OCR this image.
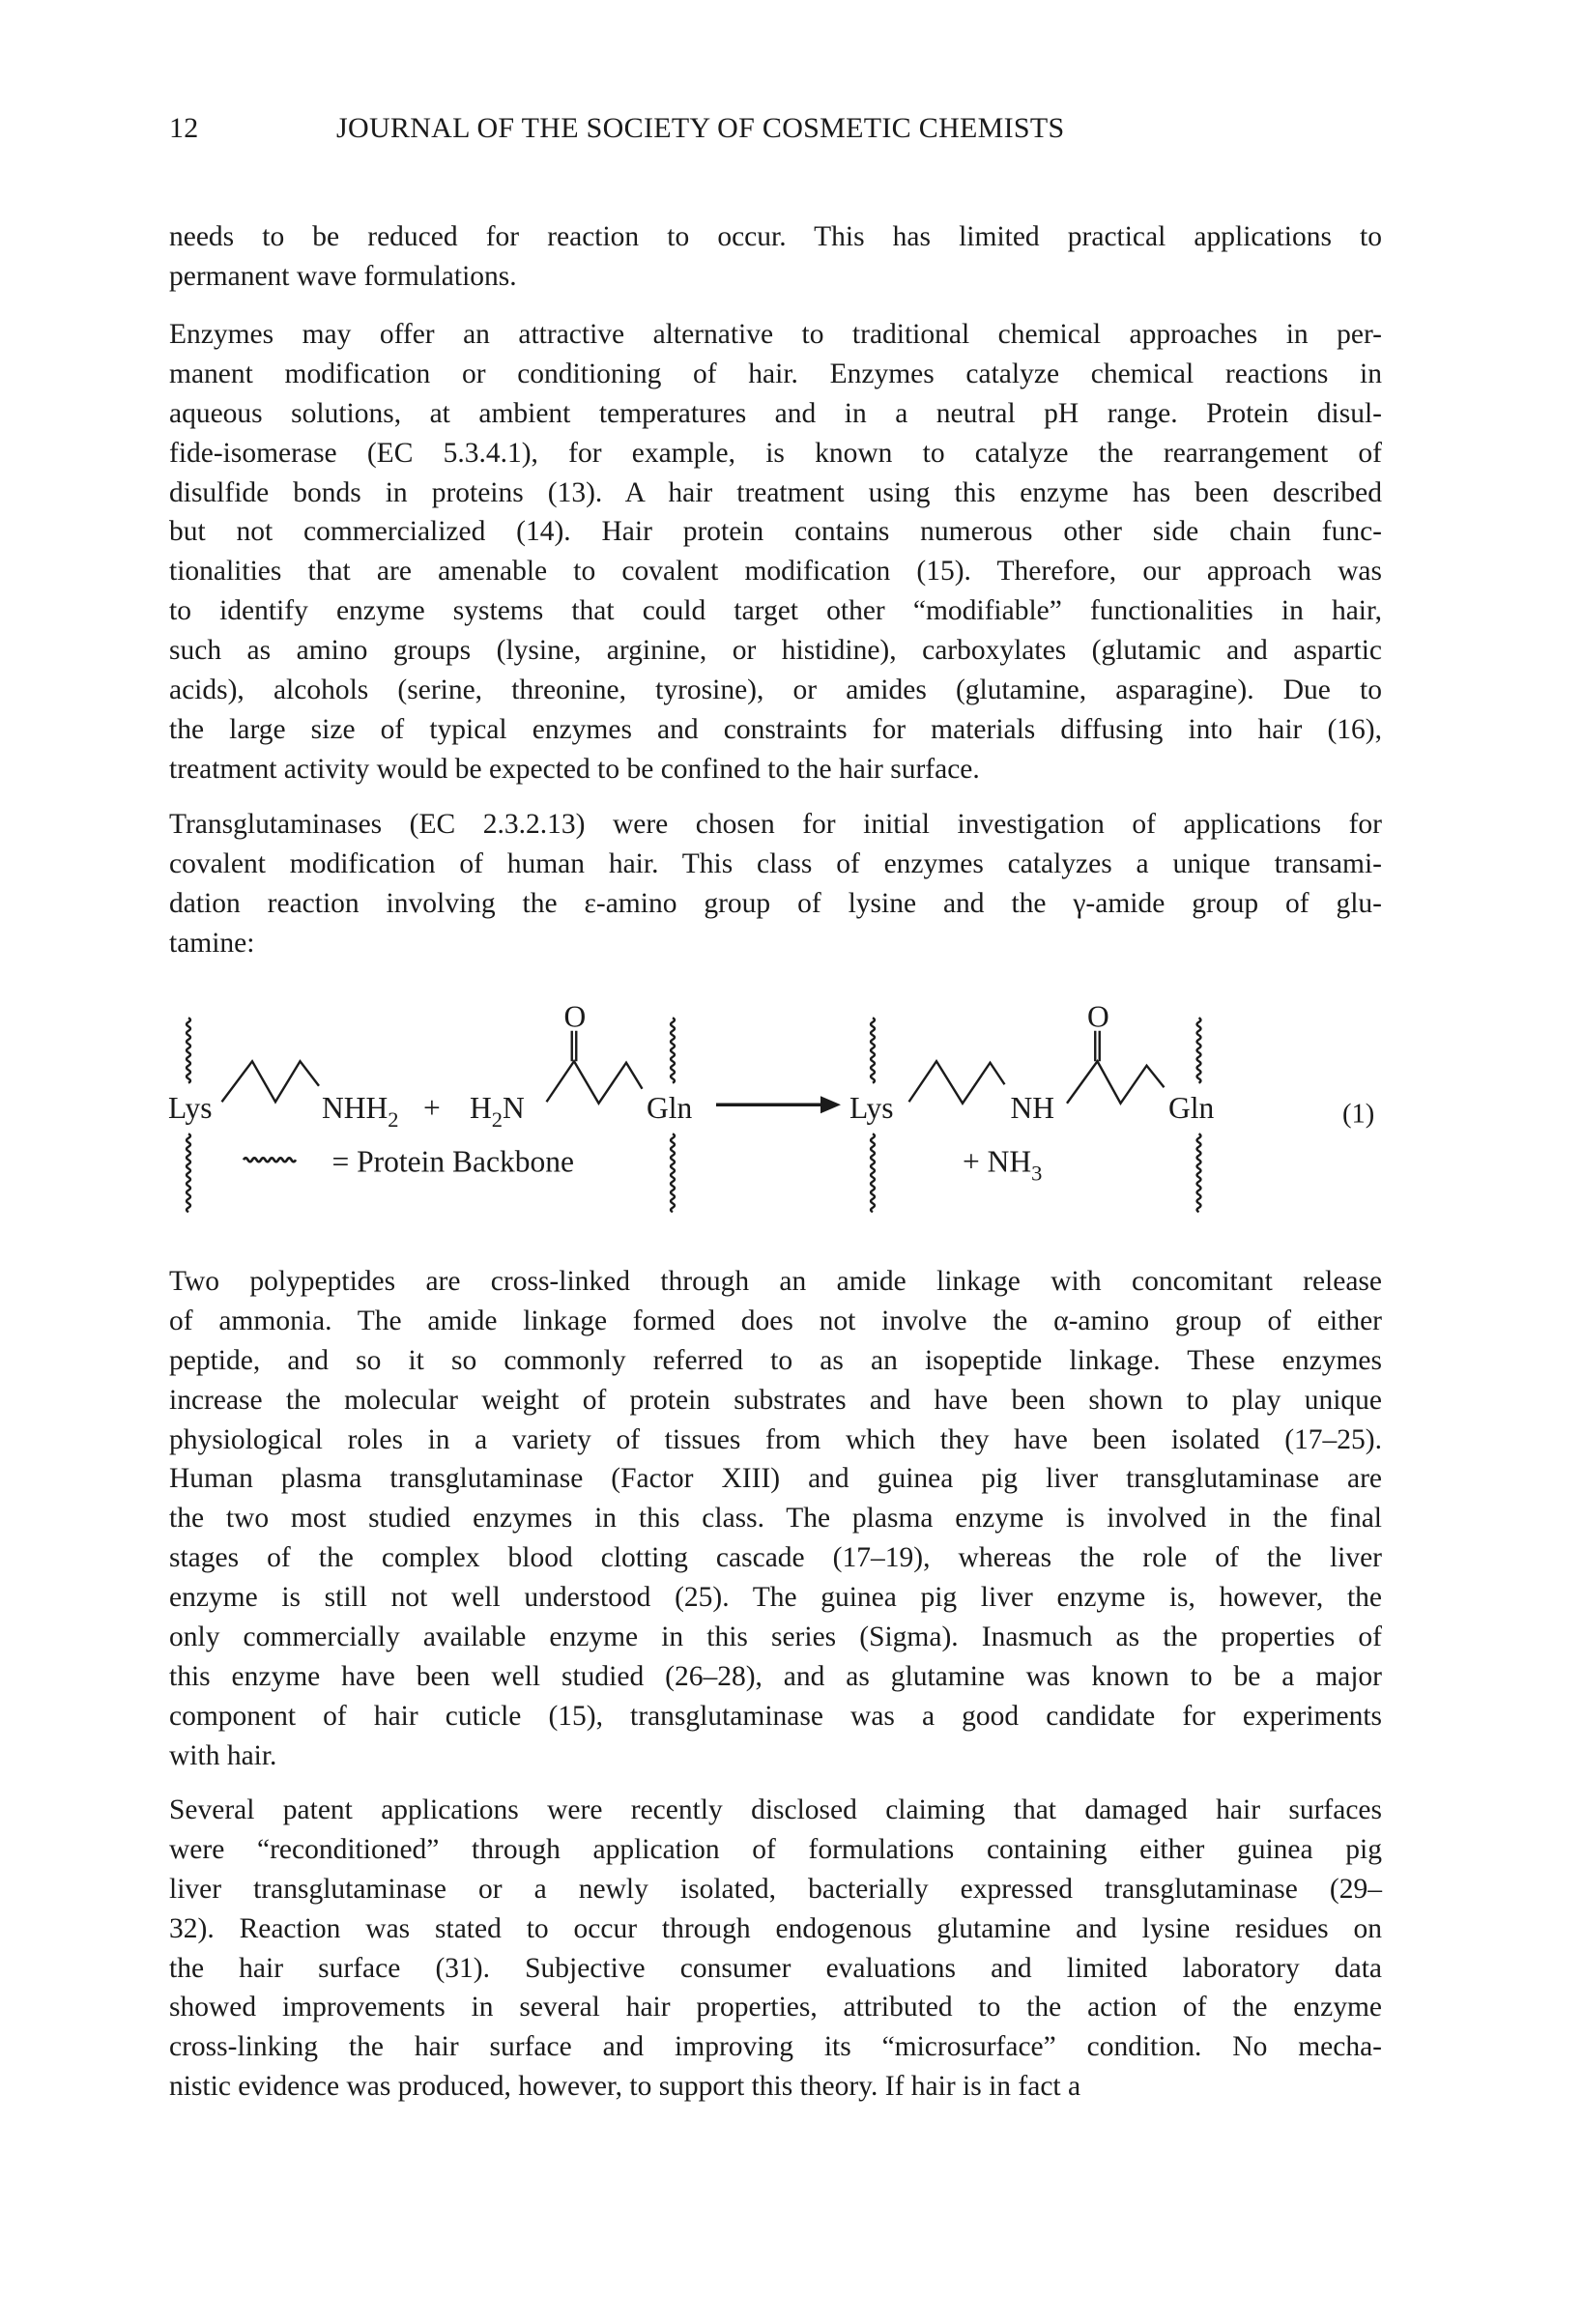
12	JOURNAL OF THE SOCIETY OF COSMETIC CHEMISTS
needs to be reduced for reaction to occur. This has limited practical applications to
permanent wave formulations.
Enzymes may offer an attractive alternative to traditional chemical approaches in per-
manent modification or conditioning of hair. Enzymes catalyze chemical reactions in
aqueous solutions, at ambient temperatures and in a neutral pH range. Protein disul-
fide-isomerase (EC 5.3.4.1), for example, is known to catalyze the rearrangement of
disulfide bonds in proteins (13). A hair treatment using this enzyme has been described
but not commercialized (14). Hair protein contains numerous other side chain func-
tionalities that are amenable to covalent modification (15). Therefore, our approach was
to identify enzyme systems that could target other “modifiable” functionalities in hair,
such as amino groups (lysine, arginine, or histidine), carboxylates (glutamic and aspartic
acids), alcohols (serine, threonine, tyrosine), or amides (glutamine, asparagine). Due to
the large size of typical enzymes and constraints for materials diffusing into hair (16),
treatment activity would be expected to be confined to the hair surface.
Transglutaminases (EC 2.3.2.13) were chosen for initial investigation of applications for
covalent modification of human hair. This class of enzymes catalyzes a unique transami-
dation reaction involving the ε-amino group of lysine and the γ-amide group of glu-
tamine:
Two polypeptides are cross-linked through an amide linkage with concomitant release
of ammonia. The amide linkage formed does not involve the α-amino group of either
peptide, and so it so commonly referred to as an isopeptide linkage. These enzymes
increase the molecular weight of protein substrates and have been shown to play unique
physiological roles in a variety of tissues from which they have been isolated (17–25).
Human plasma transglutaminase (Factor XIII) and guinea pig liver transglutaminase are
the two most studied enzymes in this class. The plasma enzyme is involved in the final
stages of the complex blood clotting cascade (17–19), whereas the role of the liver
enzyme is still not well understood (25). The guinea pig liver enzyme is, however, the
only commercially available enzyme in this series (Sigma). Inasmuch as the properties of
this enzyme have been well studied (26–28), and as glutamine was known to be a major
component of hair cuticle (15), transglutaminase was a good candidate for experiments
with hair.
Several patent applications were recently disclosed claiming that damaged hair surfaces
were “reconditioned” through application of formulations containing either guinea pig
liver transglutaminase or a newly isolated, bacterially expressed transglutaminase (29–
32). Reaction was stated to occur through endogenous glutamine and lysine residues on
the hair surface (31). Subjective consumer evaluations and limited laboratory data
showed improvements in several hair properties, attributed to the action of the enzyme
cross-linking the hair surface and improving its “microsurface” condition. No mecha-
nistic evidence was produced, however, to support this theory. If hair is in fact a
Lys	$NHH_2 + H_2N$
O
Gln	Lys	NH
O
Gln	(1)
= Protein Backbone	+ $NH_3$
